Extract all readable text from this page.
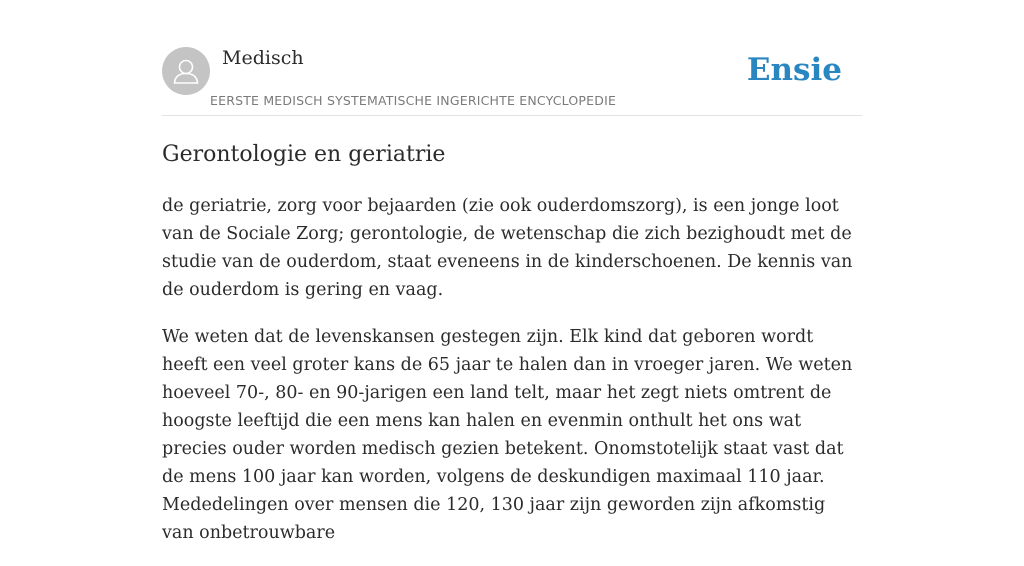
Medisch
EERSTE MEDISCH SYSTEMATISCHE INGERICHTE ENCYCLOPEDIE
Ensie
Gerontologie en geriatrie

de geriatrie, zorg voor bejaarden (zie ook ouderdomszorg), is een jonge loot van de Sociale Zorg; gerontologie, de wetenschap die zich bezighoudt met de studie van de ouderdom, staat eveneens in de kinderschoenen. De kennis van de ouderdom is gering en vaag.

We weten dat de levenskansen gestegen zijn. Elk kind dat geboren wordt heeft een veel groter kans de 65 jaar te halen dan in vroeger jaren. We weten hoeveel 70-, 80- en 90-jarigen een land telt, maar het zegt niets omtrent de hoogste leeftijd die een mens kan halen en evenmin onthult het ons wat precies ouder worden medisch gezien betekent. Onomstotelijk staat vast dat de mens 100 jaar kan worden, volgens de deskundigen maximaal 110 jaar. Mededelingen over mensen die 120, 130 jaar zijn geworden zijn afkomstig van onbetrouwbare
